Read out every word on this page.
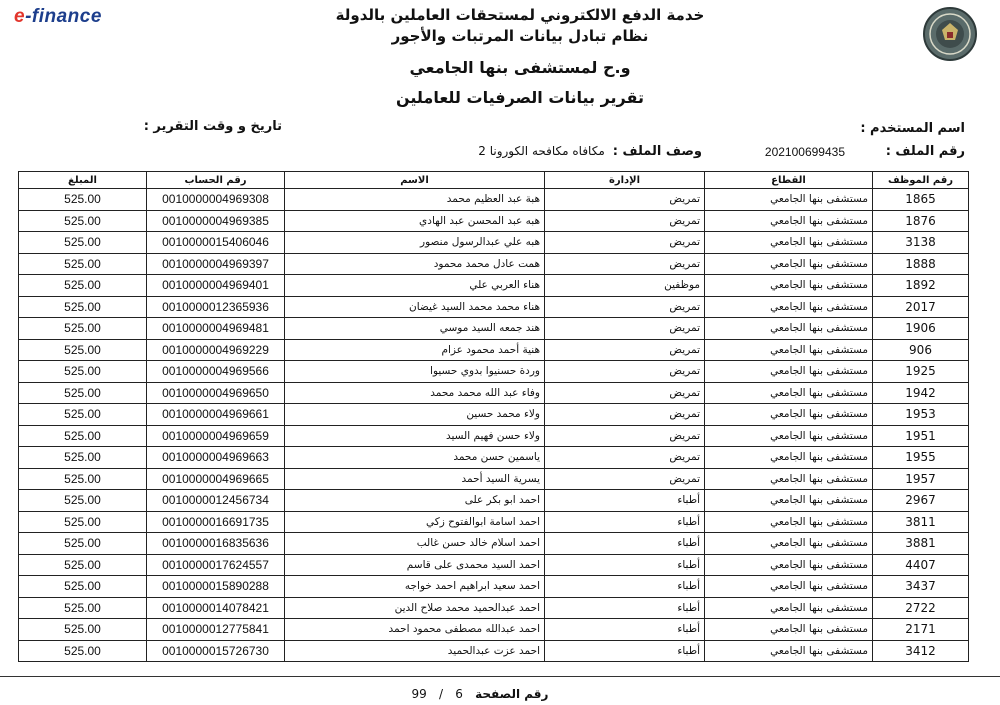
e-finance	خدمة الدفع الالكتروني لمستحقات العاملين بالدولة
نظام تبادل بيانات المرتبات والأجور
و.ح لمستشفى بنها الجامعي
تقرير بيانات الصرفيات للعاملين
اسم المستخدم :
تاريخ و وقت التقرير :
رقم الملف :
202100699435
وصف الملف :مكافاه مكافحه الكورونا 2
رقم الموظف	القطاع	الإدارة	الاسم	رقم الحساب	المبلغ
1865	مستشفى بنها الجامعي	تمريض	هبة عبد العظيم محمد	0010000004969308	525.00
1876	مستشفى بنها الجامعي	تمريض	هبه عبد المحسن عبد الهادي	0010000004969385	525.00
3138	مستشفى بنها الجامعي	تمريض	هبه علي عبدالرسول منصور	0010000015406046	525.00
1888	مستشفى بنها الجامعي	تمريض	همت عادل محمد محمود	0010000004969397	525.00
1892	مستشفى بنها الجامعي	موظفين	هناء العربي علي	0010000004969401	525.00
2017	مستشفى بنها الجامعي	تمريض	هناء محمد محمد السيد غيضان	0010000012365936	525.00
1906	مستشفى بنها الجامعي	تمريض	هند جمعه السيد موسي	0010000004969481	525.00
906	مستشفى بنها الجامعي	تمريض	هنية أحمد محمود عزام	0010000004969229	525.00
1925	مستشفى بنها الجامعي	تمريض	وردة حسنيوا بدوي حسيوا	0010000004969566	525.00
1942	مستشفى بنها الجامعي	تمريض	وفاء عبد الله محمد محمد	0010000004969650	525.00
1953	مستشفى بنها الجامعي	تمريض	ولاء محمد حسين	0010000004969661	525.00
1951	مستشفى بنها الجامعي	تمريض	ولاء حسن فهيم السيد	0010000004969659	525.00
1955	مستشفى بنها الجامعي	تمريض	ياسمين حسن محمد	0010000004969663	525.00
1957	مستشفى بنها الجامعي	تمريض	يسرية السيد أحمد	0010000004969665	525.00
2967	مستشفى بنها الجامعي	أطباء	احمد ابو بكر على	0010000012456734	525.00
3811	مستشفى بنها الجامعي	أطباء	احمد اسامة ابوالفتوح زكي	0010000016691735	525.00
3881	مستشفى بنها الجامعي	أطباء	احمد اسلام خالد حسن غالب	0010000016835636	525.00
4407	مستشفى بنها الجامعي	أطباء	احمد السيد محمدى على قاسم	0010000017624557	525.00
3437	مستشفى بنها الجامعي	أطباء	احمد سعيد ابراهيم احمد خواجه	0010000015890288	525.00
2722	مستشفى بنها الجامعي	أطباء	احمد عبدالحميد محمد صلاح الدين	0010000014078421	525.00
2171	مستشفى بنها الجامعي	أطباء	احمد عبدالله مصطفى محمود احمد	0010000012775841	525.00
3412	مستشفى بنها الجامعي	أطباء	احمد عزت عبدالحميد	0010000015726730	525.00
رقم الصفحة 6 / 99
